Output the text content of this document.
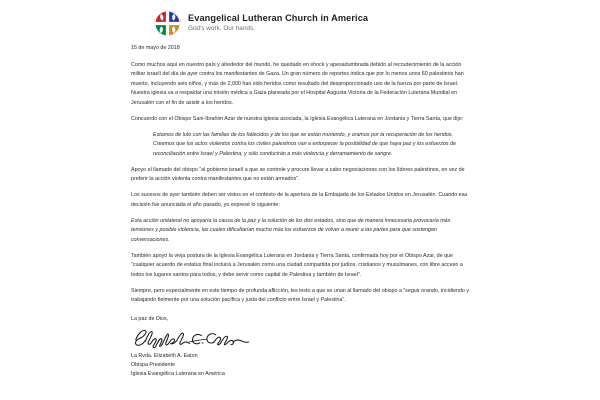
Evangelical Lutheran Church in America
God's work. Our hands.
15 de mayo de 2018

Como muchos aquí en nuestro país y alrededor del mundo, he quedado en shock y apesadumbrada debido al recrudecimiento de la acción militar israelí del día de ayer contra los manifestantes de Gaza. Un gran número de reportes indica que por lo menos unos 60 palestinos han muerto, incluyendo seis niños, y más de 2,000 han sido heridos como resultado del desproporcionado uso de la fuerza por parte de Israel. Nuestra iglesia va a respaldar una misión médica a Gaza planeada por el Hospital Augusta Victoria de la Federación Luterana Mundial en Jerusalén con el fin de asistir a los heridos.

Concuerdo con el Obispo Sani-Ibrahim Azar de nuestra iglesia asociada, la Iglesia Evangélica Luterana en Jordania y Tierra Santa, que dijo:

Estamos de luto con las familias de los fallecidos y de los que se están muriendo, y oramos por la recuperación de los heridos. Creemos que los actos violentos contra los civiles palestinos van a entorpecer la posibilidad de que haya paz y los esfuerzos de reconciliación entre Israel y Palestina, y sólo conducirán a más violencia y derramamiento de sangre.

Apoyo el llamado del obispo “al gobierno israelí a que se controle y procure llevar a cabo negociaciones con los líderes palestinos, en vez de preferir la acción violenta contra manifestantes que no están armados”.

Los sucesos de ayer también deben ser vistos en el contexto de la apertura de la Embajada de los Estados Unidos en Jerusalén. Cuando esa decisión fue anunciada el año pasado, yo expresé lo siguiente:

Esta acción unilateral no apoyaría la causa de la paz y la solución de los dos estados, sino que de manera innecesaria provocaría más tensiones y posible violencia, las cuales dificultarían mucho más los esfuerzos de volver a reunir a las partes para que sostengan conversaciones.

También apoyo la vieja postura de la Iglesia Evangélica Luterana en Jordania y Tierra Santa, confirmada hoy por el Obispo Azar, de que “cualquier acuerdo de estatus final incluirá a Jerusalén como una ciudad compartida por judíos, cristianos y musulmanes, con libre acceso a todos los lugares santos para todos, y debe servir como capital de Palestina y también de Israel”.

Siempre, pero especialmente en este tiempo de profunda aflicción, les insto a que se unan al llamado del obispo a “seguir orando, incidiendo y trabajando fielmente por una solución pacífica y justa del conflicto entre Israel y Palestina”.

La paz de Dios,
La Rvda. Elizabeth A. Eaton
Obispa Presidente
Iglesia Evangélica Luterana en América
